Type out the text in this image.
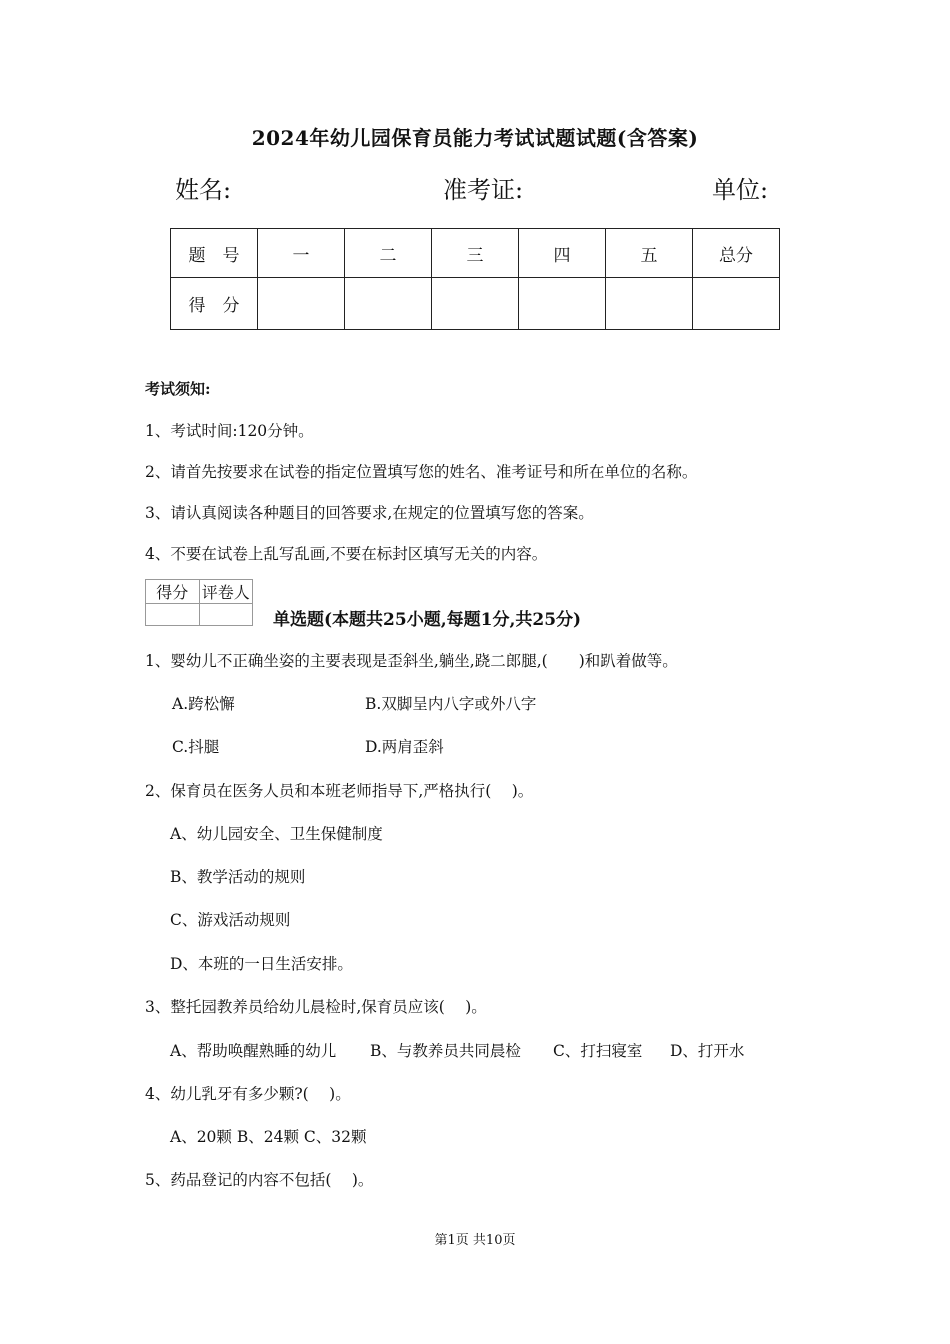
2024年幼儿园保育员能力考试试题试题(含答案)
姓名:	准考证:	单位:
题　号	一	二	三	四	五	总分
得　分						
考试须知:
1、考试时间:120分钟。
2、请首先按要求在试卷的指定位置填写您的姓名、准考证号和所在单位的名称。
3、请认真阅读各种题目的回答要求,在规定的位置填写您的答案。
4、不要在试卷上乱写乱画,不要在标封区填写无关的内容。
得分	评卷人

单选题(本题共25小题,每题1分,共25分)
1、婴幼儿不正确坐姿的主要表现是歪斜坐,躺坐,跷二郎腿,(　　)和趴着做等。
A.跨松懈	B.双脚呈内八字或外八字
C.抖腿	D.两肩歪斜
2、保育员在医务人员和本班老师指导下,严格执行(　 )。
A、幼儿园安全、卫生保健制度
B、教学活动的规则
C、游戏活动规则
D、本班的一日生活安排。
3、整托园教养员给幼儿晨检时,保育员应该(　 )。
A、帮助唤醒熟睡的幼儿 B、与教养员共同晨检 C、打扫寝室 D、打开水
4、幼儿乳牙有多少颗?(　 )。
A、20颗 B、24颗 C、32颗
5、药品登记的内容不包括(　 )。
第1页 共10页
